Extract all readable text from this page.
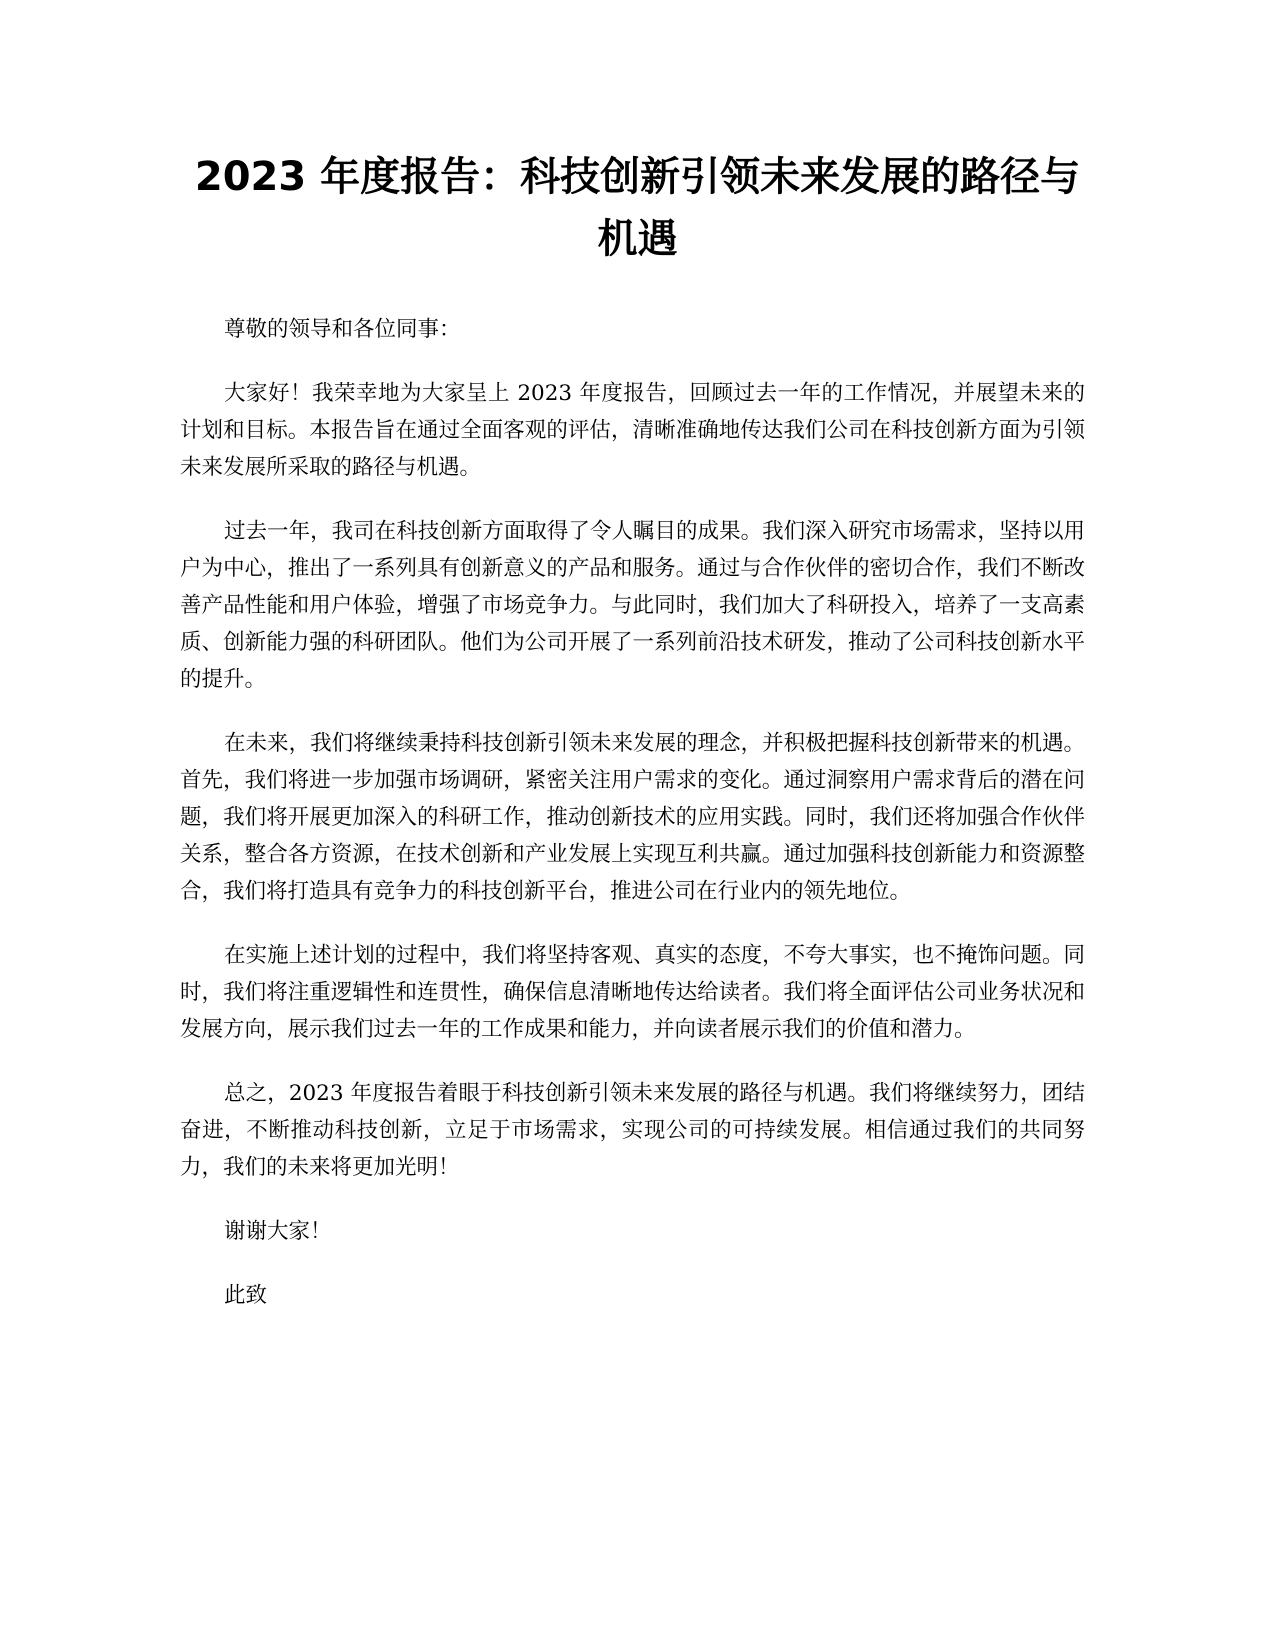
2023 年度报告：科技创新引领未来发展的路径与机遇

尊敬的领导和各位同事：

大家好！我荣幸地为大家呈上 2023 年度报告，回顾过去一年的工作情况，并展望未来的计划和目标。本报告旨在通过全面客观的评估，清晰准确地传达我们公司在科技创新方面为引领未来发展所采取的路径与机遇。

过去一年，我司在科技创新方面取得了令人瞩目的成果。我们深入研究市场需求，坚持以用户为中心，推出了一系列具有创新意义的产品和服务。通过与合作伙伴的密切合作，我们不断改善产品性能和用户体验，增强了市场竞争力。与此同时，我们加大了科研投入，培养了一支高素质、创新能力强的科研团队。他们为公司开展了一系列前沿技术研发，推动了公司科技创新水平的提升。

在未来，我们将继续秉持科技创新引领未来发展的理念，并积极把握科技创新带来的机遇。首先，我们将进一步加强市场调研，紧密关注用户需求的变化。通过洞察用户需求背后的潜在问题，我们将开展更加深入的科研工作，推动创新技术的应用实践。同时，我们还将加强合作伙伴关系，整合各方资源，在技术创新和产业发展上实现互利共赢。通过加强科技创新能力和资源整合，我们将打造具有竞争力的科技创新平台，推进公司在行业内的领先地位。

在实施上述计划的过程中，我们将坚持客观、真实的态度，不夸大事实，也不掩饰问题。同时，我们将注重逻辑性和连贯性，确保信息清晰地传达给读者。我们将全面评估公司业务状况和发展方向，展示我们过去一年的工作成果和能力，并向读者展示我们的价值和潜力。

总之，2023 年度报告着眼于科技创新引领未来发展的路径与机遇。我们将继续努力，团结奋进，不断推动科技创新，立足于市场需求，实现公司的可持续发展。相信通过我们的共同努力，我们的未来将更加光明！

谢谢大家！

此致
